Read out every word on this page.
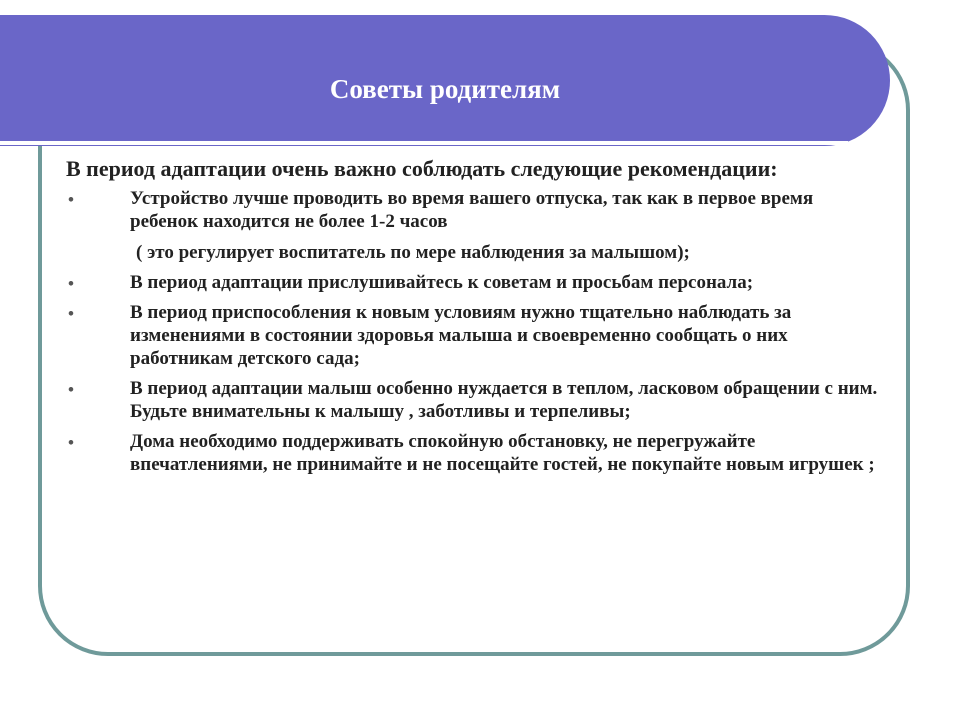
Советы родителям

В период адаптации очень важно соблюдать следующие рекомендации:

•	Устройство лучше проводить во время вашего отпуска, так как в первое время ребенок находится не более 1-2 часов
( это регулирует воспитатель по мере наблюдения за малышом);
•	В период адаптации прислушивайтесь к советам и просьбам персонала;
•	В период приспособления к новым условиям нужно тщательно наблюдать за изменениями в состоянии здоровья малыша и своевременно сообщать о них работникам детского сада;
•	В период адаптации малыш особенно нуждается в теплом, ласковом обращении с ним. Будьте внимательны к малышу , заботливы и терпеливы;
•	Дома необходимо поддерживать спокойную обстановку, не перегружайте впечатлениями, не принимайте и не посещайте гостей, не покупайте новым игрушек ;
